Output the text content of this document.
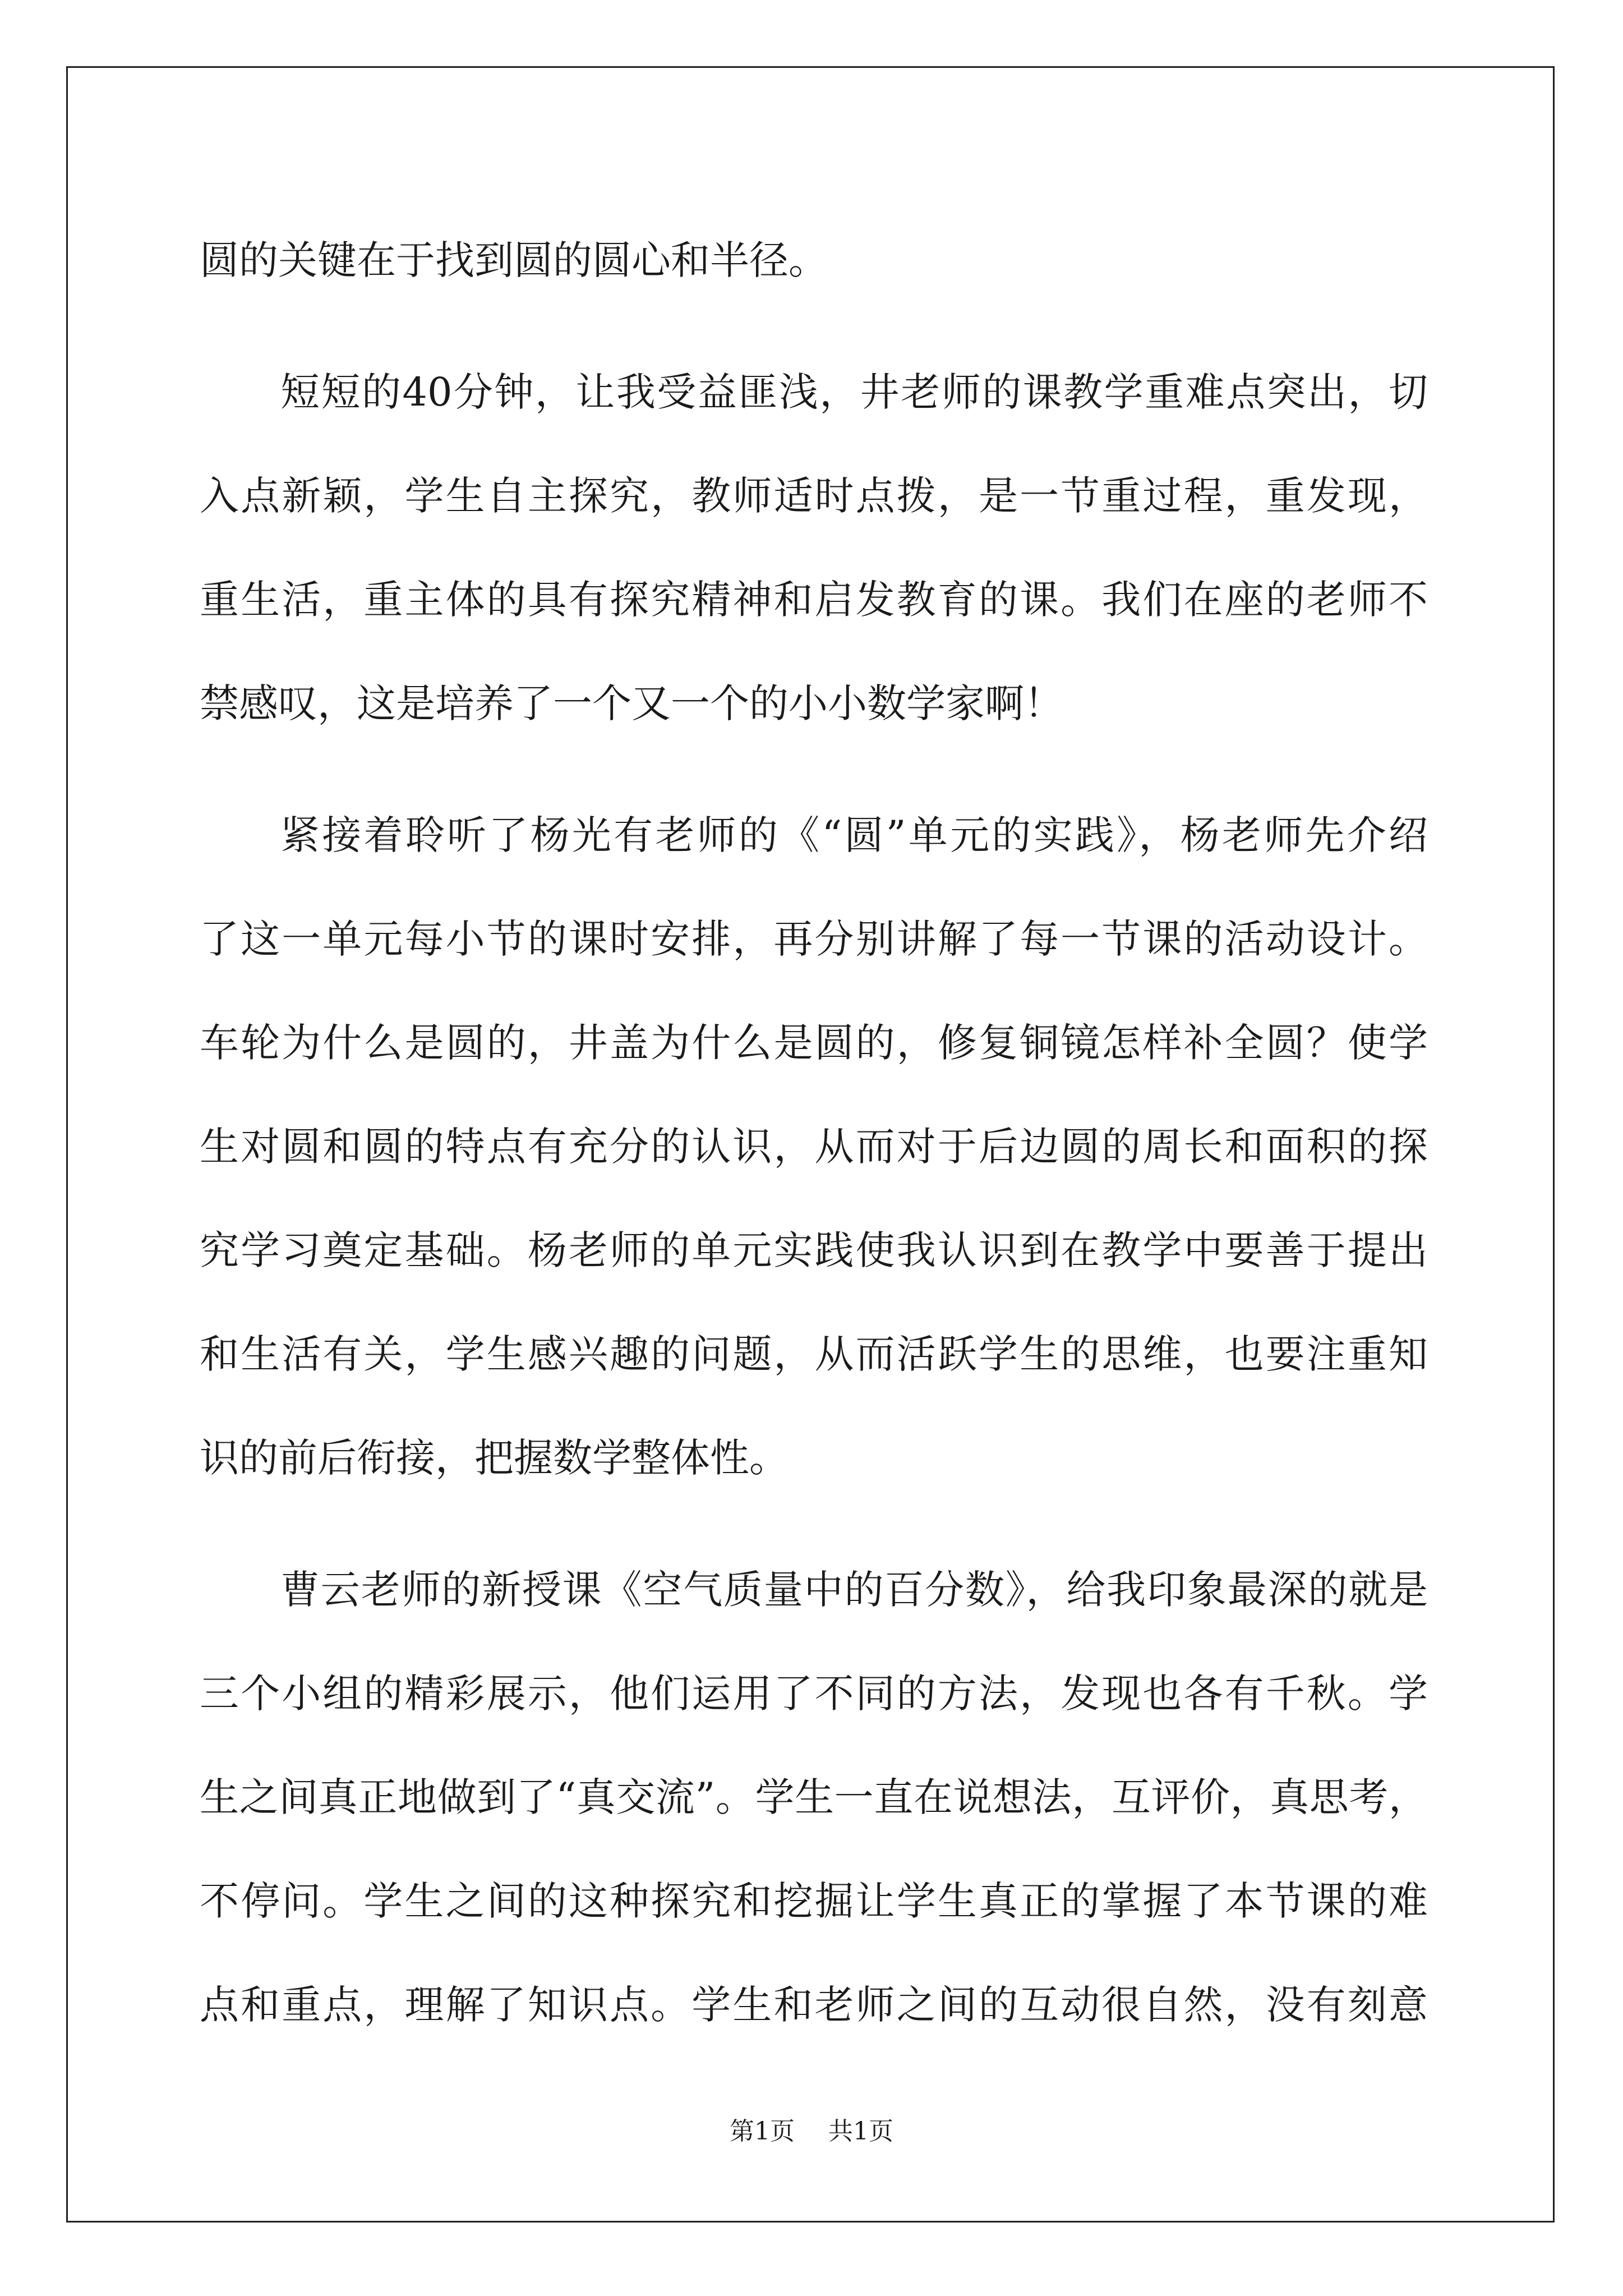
圆的关键在于找到圆的圆心和半径。
短短的40分钟，让我受益匪浅，井老师的课教学重难点突出，切
入点新颖，学生自主探究，教师适时点拨，是一节重过程，重发现，
重生活，重主体的具有探究精神和启发教育的课。我们在座的老师不
禁感叹，这是培养了一个又一个的小小数学家啊！
紧接着聆听了杨光有老师的《“圆”单元的实践》，杨老师先介绍
了这一单元每小节的课时安排，再分别讲解了每一节课的活动设计。
车轮为什么是圆的，井盖为什么是圆的，修复铜镜怎样补全圆？使学
生对圆和圆的特点有充分的认识，从而对于后边圆的周长和面积的探
究学习奠定基础。杨老师的单元实践使我认识到在教学中要善于提出
和生活有关，学生感兴趣的问题，从而活跃学生的思维，也要注重知
识的前后衔接，把握数学整体性。
曹云老师的新授课《空气质量中的百分数》，给我印象最深的就是
三个小组的精彩展示，他们运用了不同的方法，发现也各有千秋。学
生之间真正地做到了“真交流”。学生一直在说想法，互评价，真思考，
不停问。学生之间的这种探究和挖掘让学生真正的掌握了本节课的难
点和重点，理解了知识点。学生和老师之间的互动很自然，没有刻意
第1页 共1页
